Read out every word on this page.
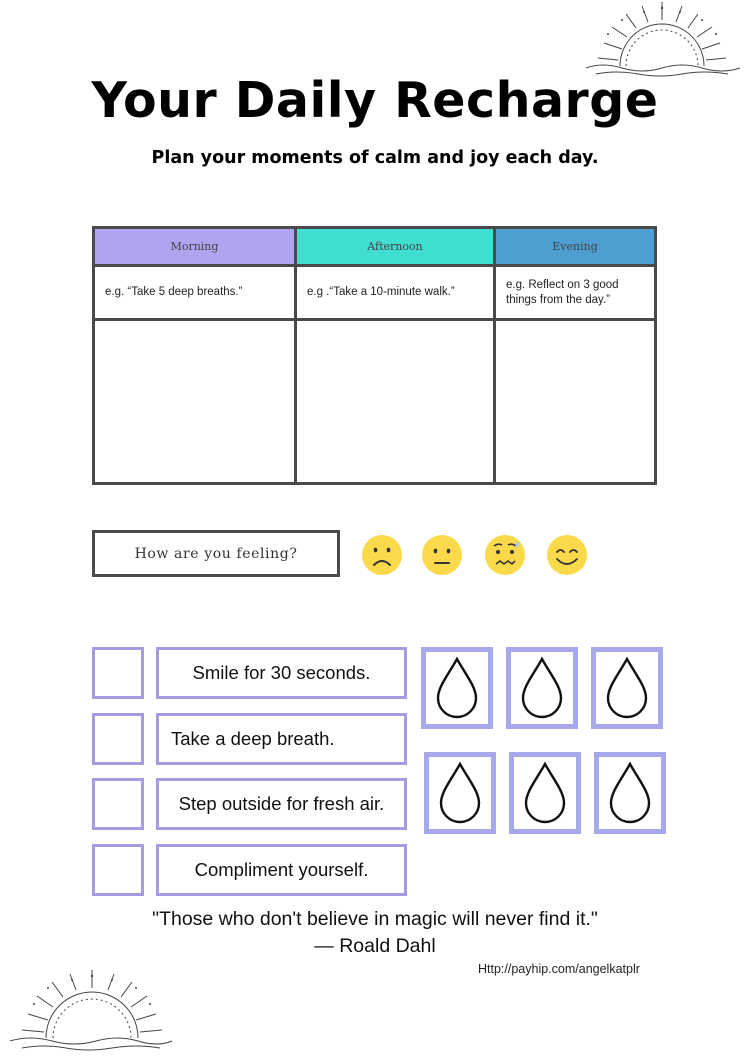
Your Daily Recharge
Plan your moments of calm and joy each day.
Morning
e.g. “Take 5 deep breaths.”
Afternoon
e.g .“Take a 10-minute walk.”
Evening
e.g. Reflect on 3 good things from the day.”
How are you feeling?
Smile for 30 seconds.
Take a deep breath.
Step outside for fresh air.
Compliment yourself.
"Those who don't believe in magic will never find it."
— Roald Dahl
Http://payhip.com/angelkatplr
